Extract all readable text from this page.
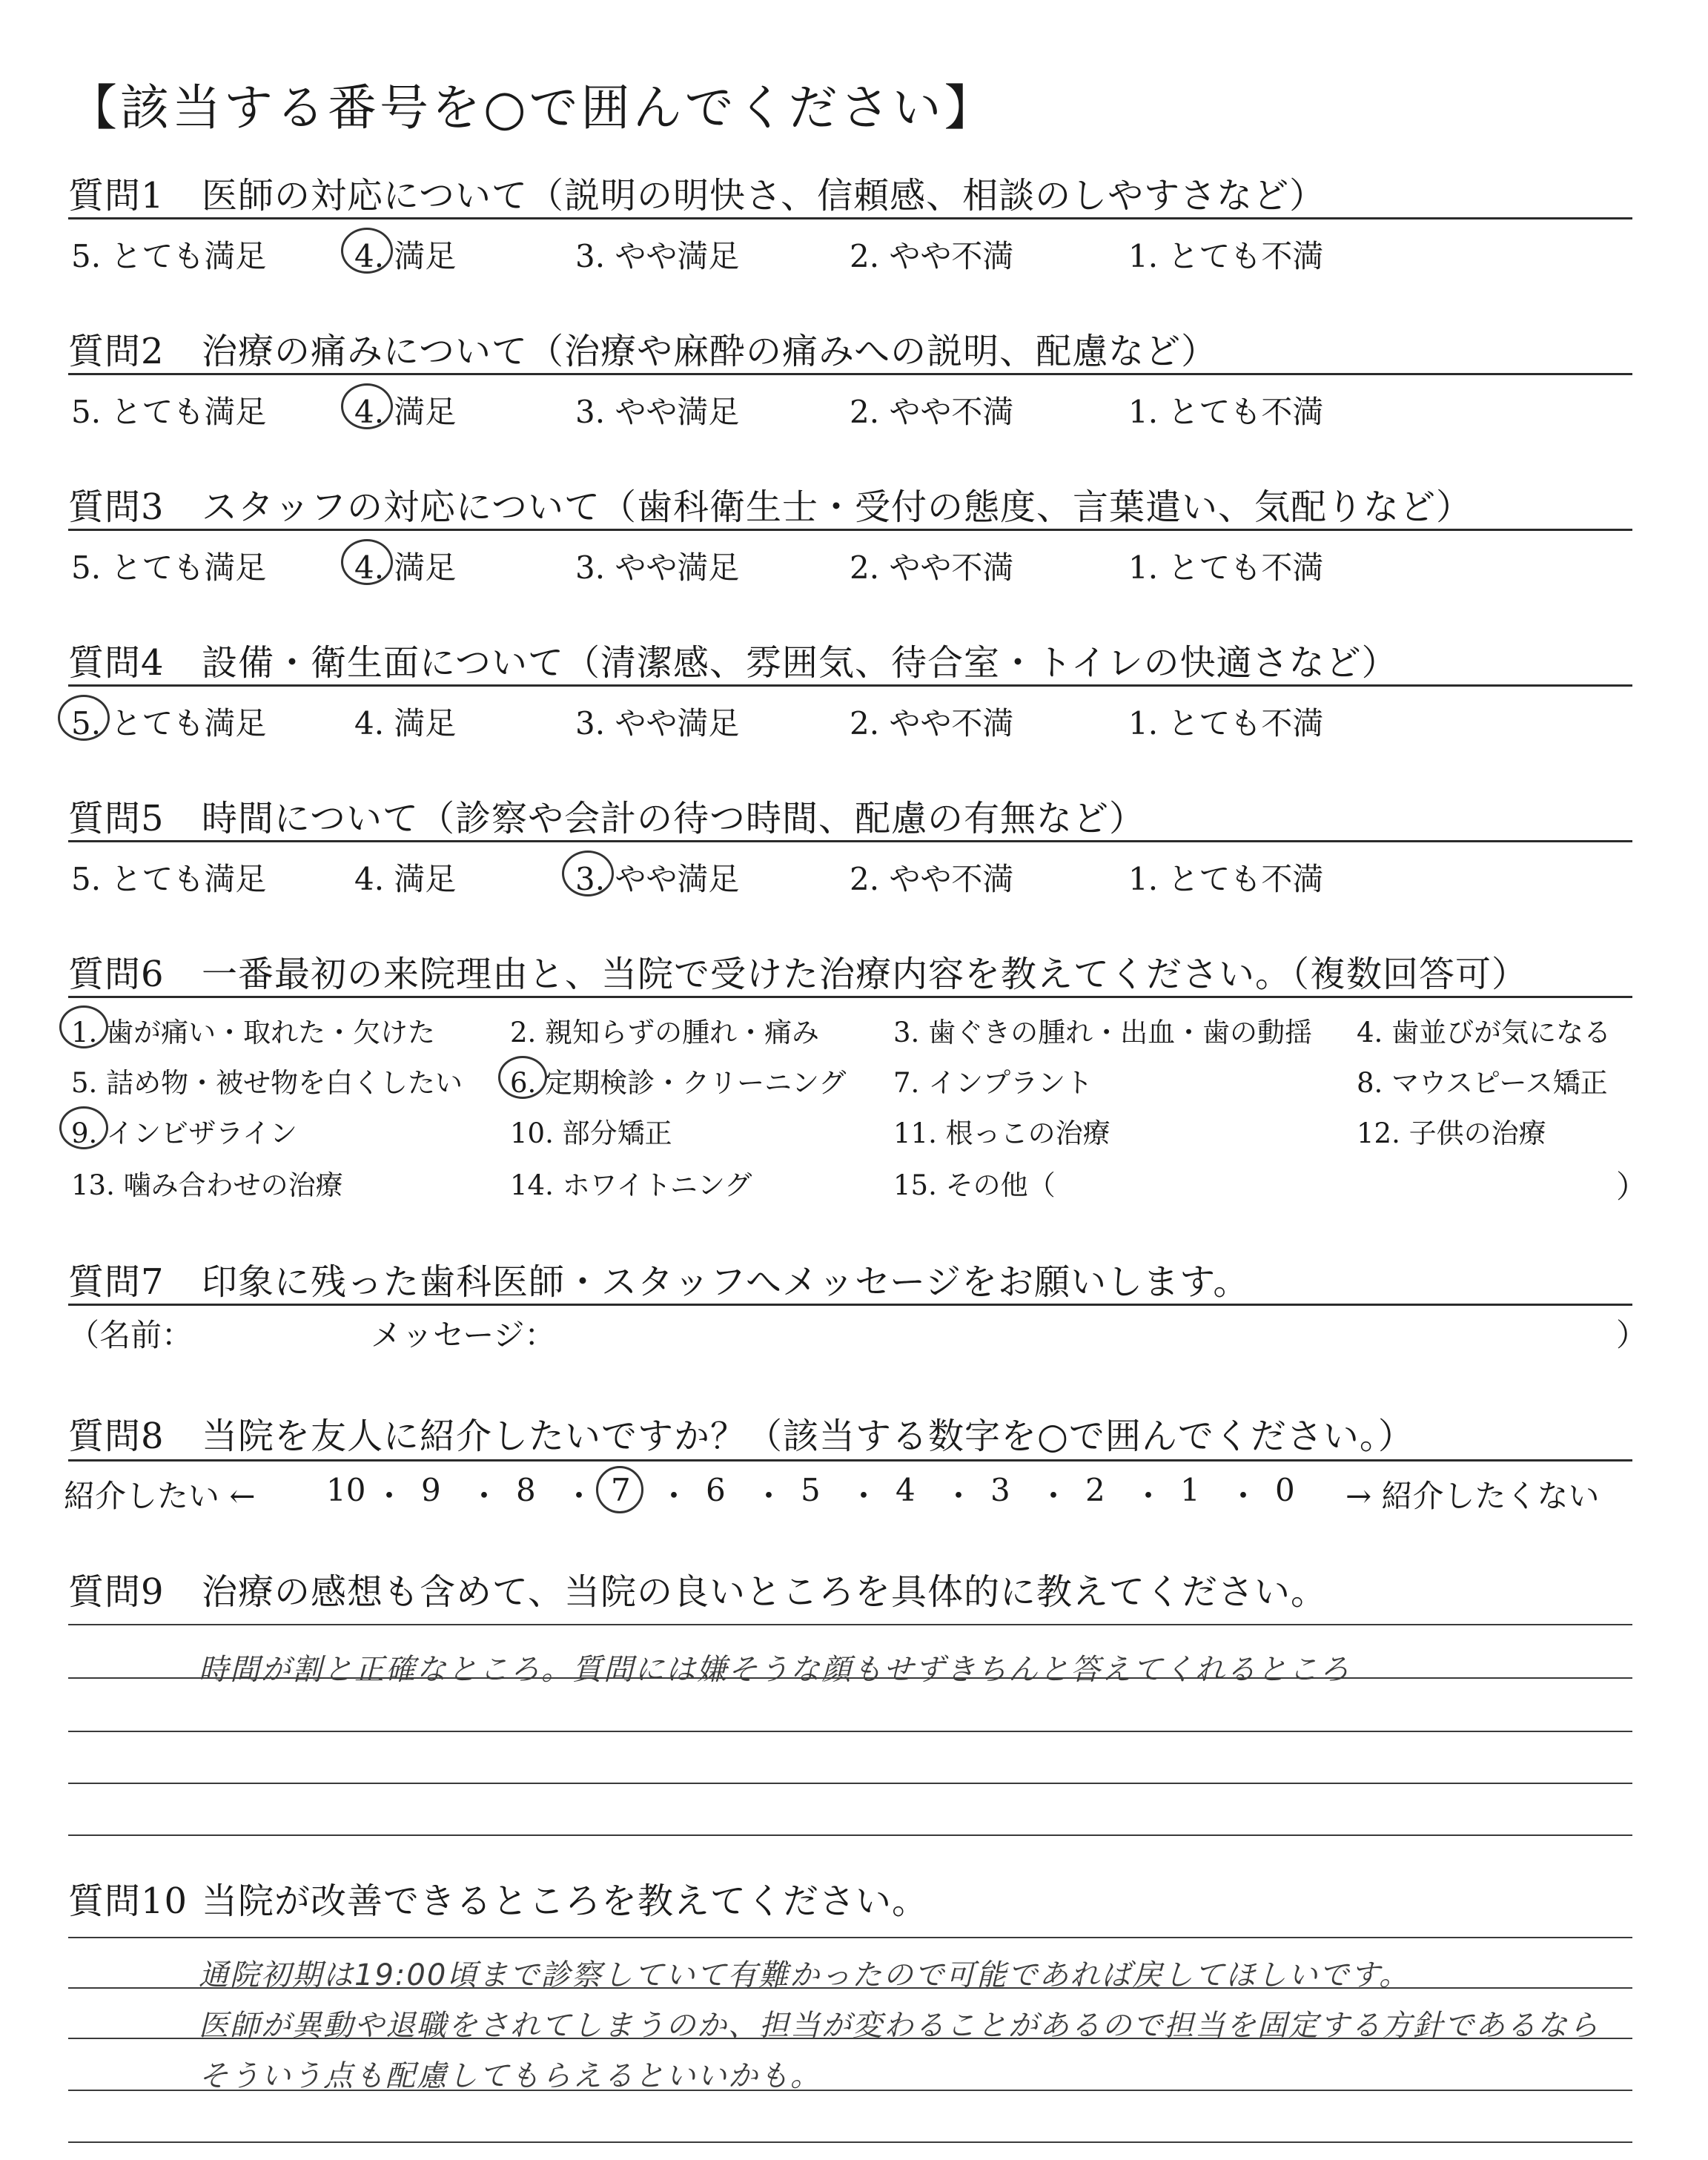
【該当する番号を○で囲んでください】
質問1 医師の対応について（説明の明快さ、信頼感、相談のしやすさなど）
5. とても満足	4. 満足	3. やや満足	2. やや不満	1. とても不満
質問2 治療の痛みについて（治療や麻酔の痛みへの説明、配慮など）
5. とても満足	4. 満足	3. やや満足	2. やや不満	1. とても不満
質問3 スタッフの対応について（歯科衛生士・受付の態度、言葉遣い、気配りなど）
5. とても満足	4. 満足	3. やや満足	2. やや不満	1. とても不満
質問4 設備・衛生面について（清潔感、雰囲気、待合室・トイレの快適さなど）
5. とても満足	4. 満足	3. やや満足	2. やや不満	1. とても不満
質問5 時間について（診察や会計の待つ時間、配慮の有無など）
5. とても満足	4. 満足	3. やや満足	2. やや不満	1. とても不満
質問6 一番最初の来院理由と、当院で受けた治療内容を教えてください。（複数回答可）
1. 歯が痛い・取れた・欠けた	2. 親知らずの腫れ・痛み	3. 歯ぐきの腫れ・出血・歯の動揺 4. 歯並びが気になる
5. 詰め物・被せ物を白くしたい 6. 定期検診・クリーニング 7. インプラント	8. マウスピース矯正
9. インビザライン	10. 部分矯正	11. 根っこの治療	12. 子供の治療
13. 噛み合わせの治療	14. ホワイトニング	15. その他（	）
質問7 印象に残った歯科医師・スタッフへメッセージをお願いします。
（名前：	メッセージ：	）
質問8 当院を友人に紹介したいですか？（該当する数字を○で囲んでください。）
紹介したい ← 10 ・ 9 ・ 8 ・ 7 ・ 6 ・ 5 ・ 4 ・ 3 ・ 2 ・ 1 ・ 0 → 紹介したくない
質問9 治療の感想も含めて、当院の良いところを具体的に教えてください。
時間が割と正確なところ。質問には嫌そうな顔もせずきちんと答えてくれるところ
質問10 当院が改善できるところを教えてください。
通院初期は19:00頃まで診察していて有難かったので可能であれば戻してほしいです。
医師が異動や退職をされてしまうのか、担当が変わることがあるので担当を固定する方針であるなら
そういう点も配慮してもらえるといいかも。
